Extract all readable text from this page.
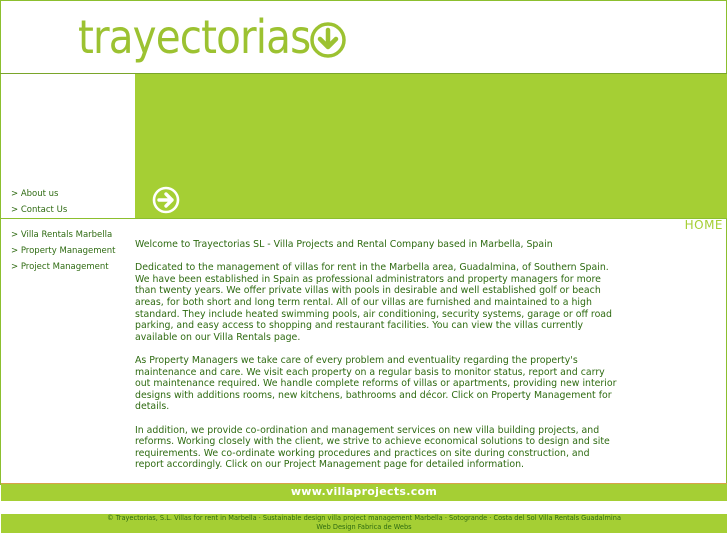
trayectorias
> About us
> Contact Us
> Villa Rentals Marbella
> Property Management
> Project Management
HOME

Welcome to Trayectorias SL - Villa Projects and Rental Company based in Marbella, Spain

Dedicated to the management of villas for rent in the Marbella area, Guadalmina, of Southern Spain. We have been established in Spain as professional administrators and property managers for more than twenty years. We offer private villas with pools in desirable and well established golf or beach areas, for both short and long term rental. All of our villas are furnished and maintained to a high standard. They include heated swimming pools, air conditioning, security systems, garage or off road parking, and easy access to shopping and restaurant facilities. You can view the villas currently available on our Villa Rentals page.

As Property Managers we take care of every problem and eventuality regarding the property's maintenance and care. We visit each property on a regular basis to monitor status, report and carry out maintenance required. We handle complete reforms of villas or apartments, providing new interior designs with additions rooms, new kitchens, bathrooms and décor. Click on Property Management for details.

In addition, we provide co-ordination and management services on new villa building projects, and reforms. Working closely with the client, we strive to achieve economical solutions to design and site requirements. We co-ordinate working procedures and practices on site during construction, and report accordingly. Click on our Project Management page for detailed information.

www.villaprojects.com
© Trayectorias, S.L. Villas for rent in Marbella · Sustainable design villa project management Marbella · Sotogrande · Costa del Sol Villa Rentals Guadalmina
Web Design Fabrica de Webs
